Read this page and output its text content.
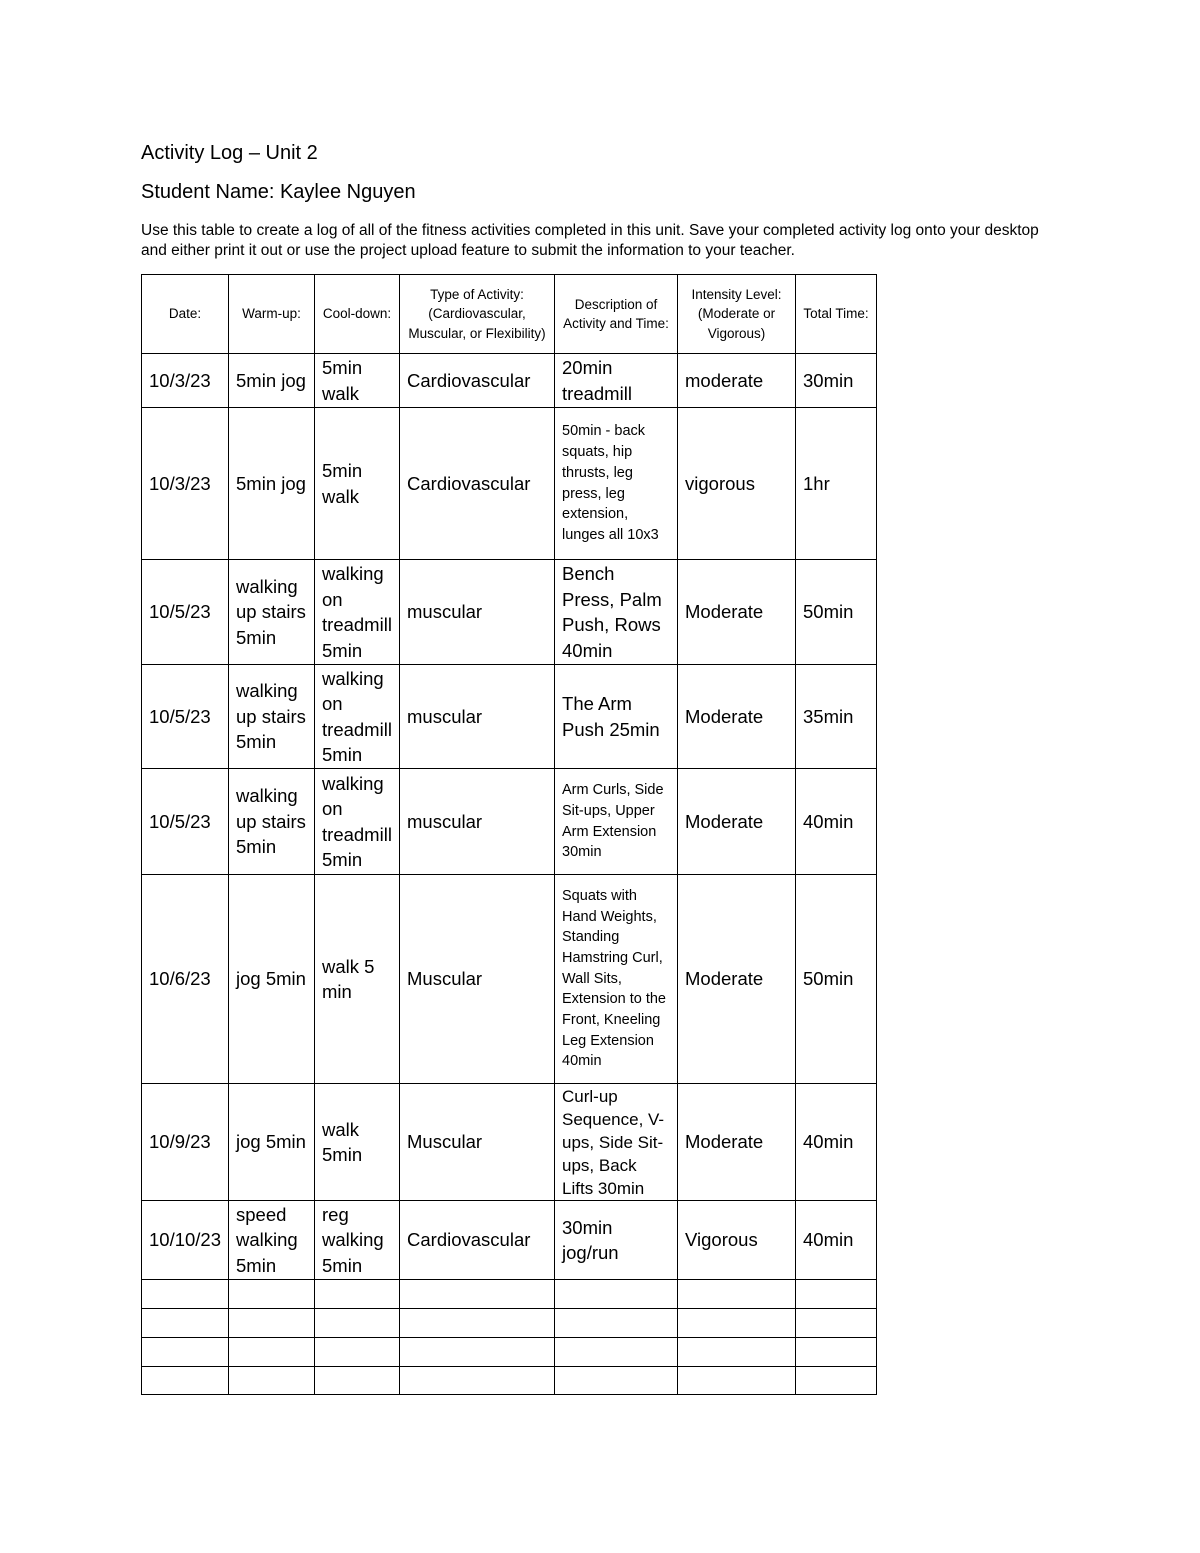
Activity Log – Unit 2
Student Name: Kaylee Nguyen

Use this table to create a log of all of the fitness activities completed in this unit. Save your completed activity log onto your desktop and either print it out or use the project upload feature to submit the information to your teacher.

Date:	Warm-up:	Cool-down:	Type of Activity: (Cardiovascular, Muscular, or Flexibility)	Description of Activity and Time:	Intensity Level: (Moderate or Vigorous)	Total Time:
10/3/23	5min jog	5min walk	Cardiovascular	20min treadmill	moderate	30min
10/3/23	5min jog	5min walk	Cardiovascular	50min - back squats, hip thrusts, leg press, leg extension, lunges all 10x3	vigorous	1hr
10/5/23	walking up stairs 5min	walking on treadmill 5min	muscular	Bench Press, Palm Push, Rows 40min	Moderate	50min
10/5/23	walking up stairs 5min	walking on treadmill 5min	muscular	The Arm Push 25min	Moderate	35min
10/5/23	walking up stairs 5min	walking on treadmill 5min	muscular	Arm Curls, Side Sit-ups, Upper Arm Extension 30min	Moderate	40min
10/6/23	jog 5min	walk 5 min	Muscular	Squats with Hand Weights, Standing Hamstring Curl, Wall Sits, Extension to the Front, Kneeling Leg Extension 40min	Moderate	50min
10/9/23	jog 5min	walk 5min	Muscular	Curl-up Sequence, V-ups, Side Sit-ups, Back Lifts 30min	Moderate	40min
10/10/23	speed walking 5min	reg walking 5min	Cardiovascular	30min jog/run	Vigorous	40min
